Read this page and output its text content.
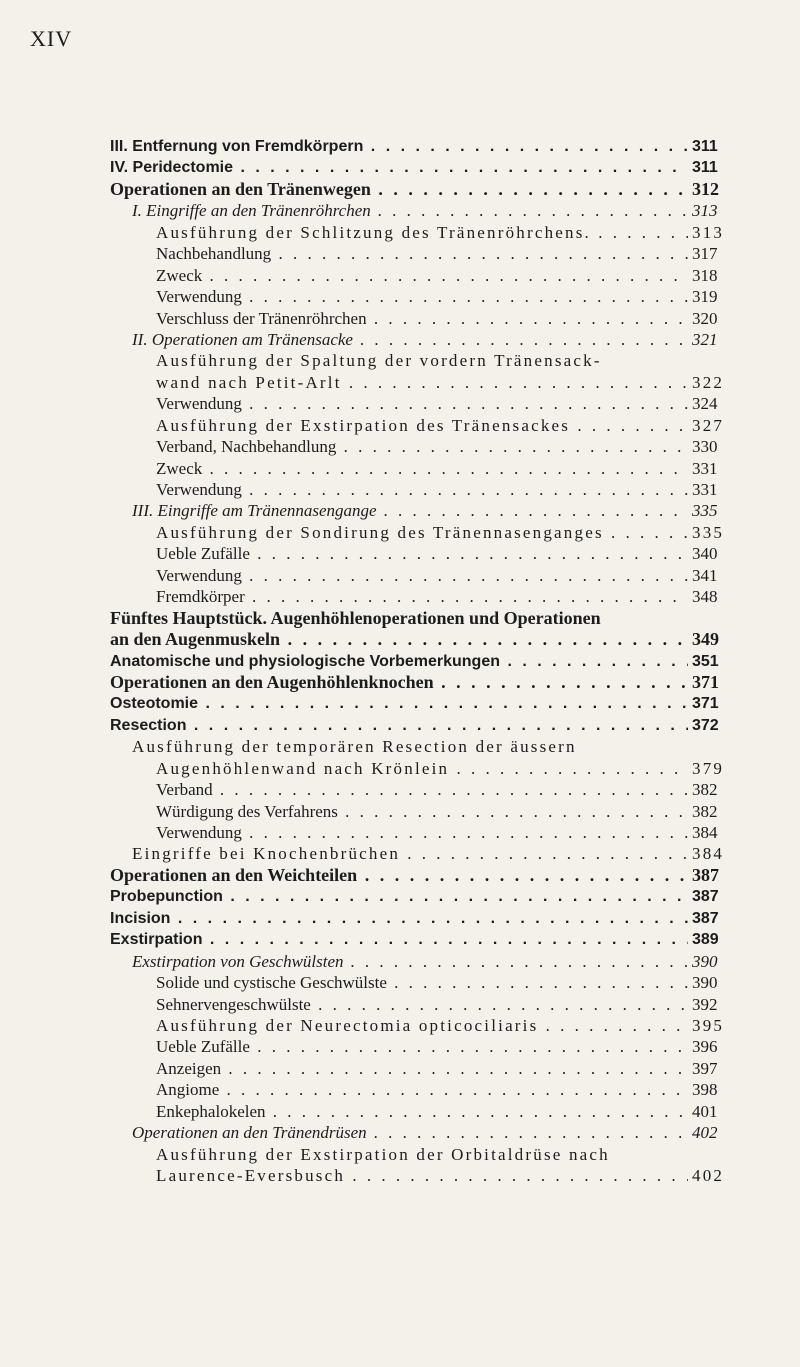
XIV
III. Entfernung von Fremdkörpern . . .	311
IV. Peridectomie . . .	311
Operationen an den Tränenwegen . . .	312
I. Eingriffe an den Tränenröhrchen . . .	313
Ausführung der Schlitzung des Tränenröhrchens. . . .	313
Nachbehandlung . . .	317
Zweck . . .	318
Verwendung . . .	319
Verschluss der Tränenröhrchen . . .	320
II. Operationen am Tränensacke . . .	321
Ausführung der Spaltung der vordern Tränensack-
wand nach Petit-Arlt . . .	322
Verwendung . . .	324
Ausführung der Exstirpation des Tränensackes . . .	327
Verband, Nachbehandlung . . .	330
Zweck . . .	331
Verwendung . . .	331
III. Eingriffe am Tränennasengange . . .	335
Ausführung der Sondirung des Tränennasenganges . . .	335
Ueble Zufälle . . .	340
Verwendung . . .	341
Fremdkörper . . .	348
Fünftes Hauptstück. Augenhöhlenoperationen und Operationen
an den Augenmuskeln . . .	349
Anatomische und physiologische Vorbemerkungen . . .	351
Operationen an den Augenhöhlenknochen . . .	371
Osteotomie . . .	371
Resection . . .	372
Ausführung der temporären Resection der äussern
Augenhöhlenwand nach Krönlein . . .	379
Verband . . .	382
Würdigung des Verfahrens . . .	382
Verwendung . . .	384
Eingriffe bei Knochenbrüchen . . .	384
Operationen an den Weichteilen . . .	387
Probepunction . . .	387
Incision . . .	387
Exstirpation . . .	389
Exstirpation von Geschwülsten . . .	390
Solide und cystische Geschwülste . . .	390
Sehnervengeschwülste . . .	392
Ausführung der Neurectomia opticociliaris . . .	395
Ueble Zufälle . . .	396
Anzeigen . . .	397
Angiome . . .	398
Enkephalokelen . . .	401
Operationen an den Tränendrüsen . . .	402
Ausführung der Exstirpation der Orbitaldrüse nach
Laurence-Eversbusch . . .	402
